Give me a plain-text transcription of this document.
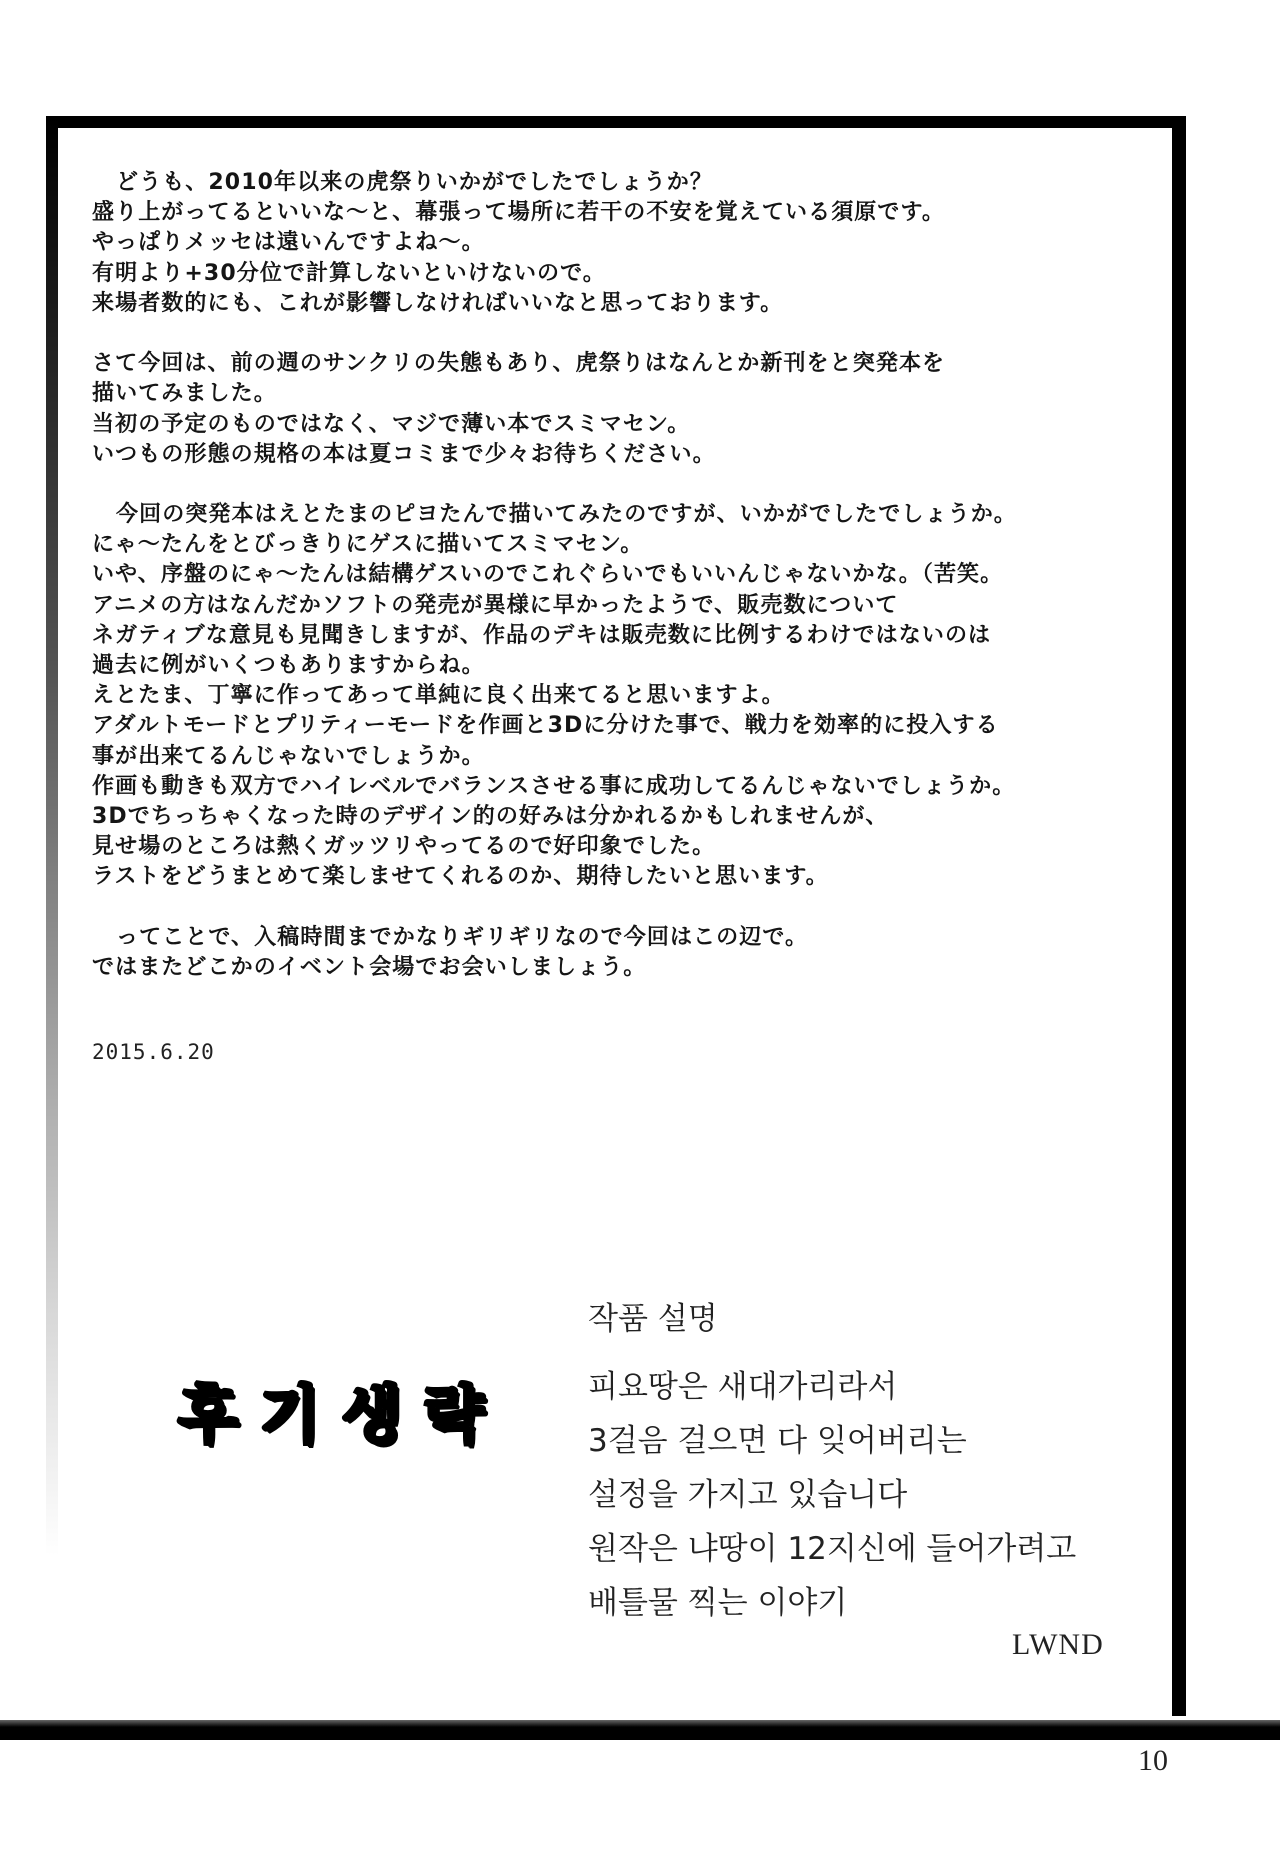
どうも、2010年以来の虎祭りいかがでしたでしょうか？
盛り上がってるといいな～と、幕張って場所に若干の不安を覚えている須原です。
やっぱりメッセは遠いんですよね～。
有明より+30分位で計算しないといけないので。
来場者数的にも、これが影響しなければいいなと思っております。
さて今回は、前の週のサンクリの失態もあり、虎祭りはなんとか新刊をと突発本を
描いてみました。
当初の予定のものではなく、マジで薄い本でスミマセン。
いつもの形態の規格の本は夏コミまで少々お待ちください。
今回の突発本はえとたまのピヨたんで描いてみたのですが、いかがでしたでしょうか。
にゃ～たんをとびっきりにゲスに描いてスミマセン。
いや、序盤のにゃ～たんは結構ゲスいのでこれぐらいでもいいんじゃないかな。（苦笑。
アニメの方はなんだかソフトの発売が異様に早かったようで、販売数について
ネガティブな意見も見聞きしますが、作品のデキは販売数に比例するわけではないのは
過去に例がいくつもありますからね。
えとたま、丁寧に作ってあって単純に良く出来てると思いますよ。
アダルトモードとプリティーモードを作画と3Dに分けた事で、戦力を効率的に投入する
事が出来てるんじゃないでしょうか。
作画も動きも双方でハイレベルでバランスさせる事に成功してるんじゃないでしょうか。
3Dでちっちゃくなった時のデザイン的の好みは分かれるかもしれませんが、
見せ場のところは熱くガッツリやってるので好印象でした。
ラストをどうまとめて楽しませてくれるのか、期待したいと思います。
ってことで、入稿時間までかなりギリギリなので今回はこの辺で。
ではまたどこかのイベント会場でお会いしましょう。
2015.6.20
후기생략
작품 설명
피요땅은 새대가리라서
3걸음 걸으면 다 잊어버리는
설정을 가지고 있습니다
원작은 냐땅이 12지신에 들어가려고
배틀물 찍는 이야기
LWND
10
